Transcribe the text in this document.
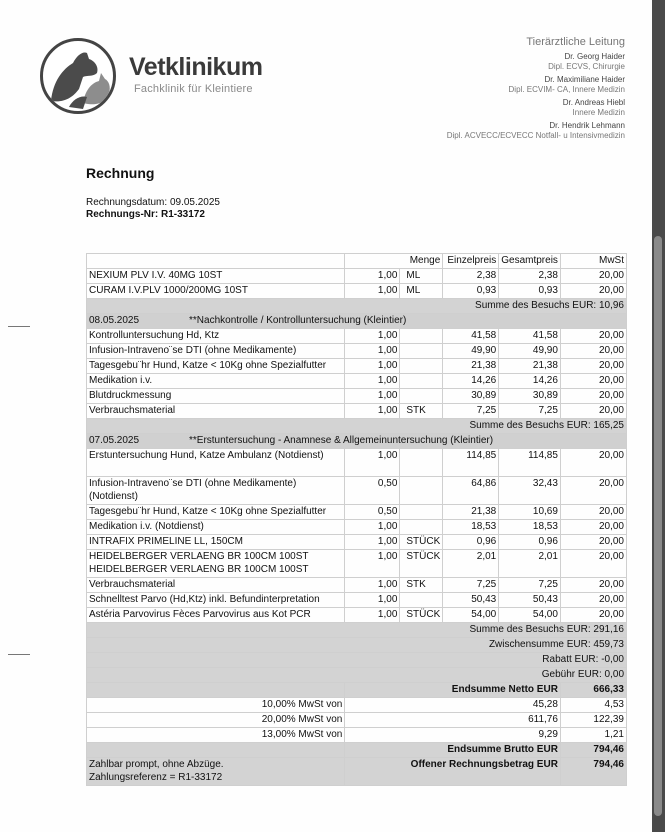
Vetklinikum
Fachklinik für Kleintiere
Tierärztliche Leitung
Dr. Georg Haider
Dipl. ECVS, Chirurgie
Dr. Maximiliane Haider
Dipl. ECVIM- CA, Innere Medizin
Dr. Andreas Hiebl
Innere Medizin
Dr. Hendrik Lehmann
Dipl. ACVECC/ECVECC Notfall- u Intensivmedizin
Rechnung
Rechnungsdatum: 09.05.2025
Rechnungs-Nr: R1-33172
	Menge		Einzelpreis	Gesamtpreis	MwSt
NEXIUM PLV I.V. 40MG 10ST	1,00	ML	2,38	2,38	20,00
CURAM I.V.PLV 1000/200MG 10ST	1,00	ML	0,93	0,93	20,00
Summe des Besuchs EUR: 10,96					
08.05.2025 **Nachkontrolle / Kontrolluntersuchung (Kleintier)					
Kontrolluntersuchung Hd, Ktz	1,00		41,58	41,58	20,00
Infusion-Intraveno¨se DTI (ohne Medikamente)	1,00		49,90	49,90	20,00
Tagesgebu¨hr Hund, Katze < 10Kg ohne Spezialfutter	1,00		21,38	21,38	20,00
Medikation i.v.	1,00		14,26	14,26	20,00
Blutdruckmessung	1,00		30,89	30,89	20,00
Verbrauchsmaterial	1,00	STK	7,25	7,25	20,00
Summe des Besuchs EUR: 165,25					
07.05.2025 **Erstuntersuchung - Anamnese & Allgemeinuntersuchung (Kleintier)					
Erstuntersuchung Hund, Katze Ambulanz (Notdienst)	1,00		114,85	114,85	20,00
Infusion-Intraveno¨se DTI (ohne Medikamente) (Notdienst)	0,50		64,86	32,43	20,00
Tagesgebu¨hr Hund, Katze < 10Kg ohne Spezialfutter	0,50		21,38	10,69	20,00
Medikation i.v. (Notdienst)	1,00		18,53	18,53	20,00
INTRAFIX PRIMELINE LL, 150CM	1,00	STÜCK	0,96	0,96	20,00
HEIDELBERGER VERLAENG BR 100CM 100ST HEIDELBERGER VERLAENG BR 100CM 100ST	1,00	STÜCK	2,01	2,01	20,00
Verbrauchsmaterial	1,00	STK	7,25	7,25	20,00
Schnelltest Parvo (Hd,Ktz) inkl. Befundinterpretation	1,00		50,43	50,43	20,00
Astéria Parvovirus Fèces Parvovirus aus Kot PCR	1,00	STÜCK	54,00	54,00	20,00
Summe des Besuchs EUR: 291,16					
Zwischensumme EUR: 459,73					
Rabatt EUR: -0,00					
Gebühr EUR: 0,00					
	Endsumme Netto EUR				666,33
10,00% MwSt von	45,28				4,53
20,00% MwSt von	611,76				122,39
13,00% MwSt von	9,29				1,21
	Endsumme Brutto EUR				794,46

Zahlbar prompt, ohne Abzüge.
Zahlungsreferenz = R1-33172	Offener Rechnungsbetrag EUR				794,46
